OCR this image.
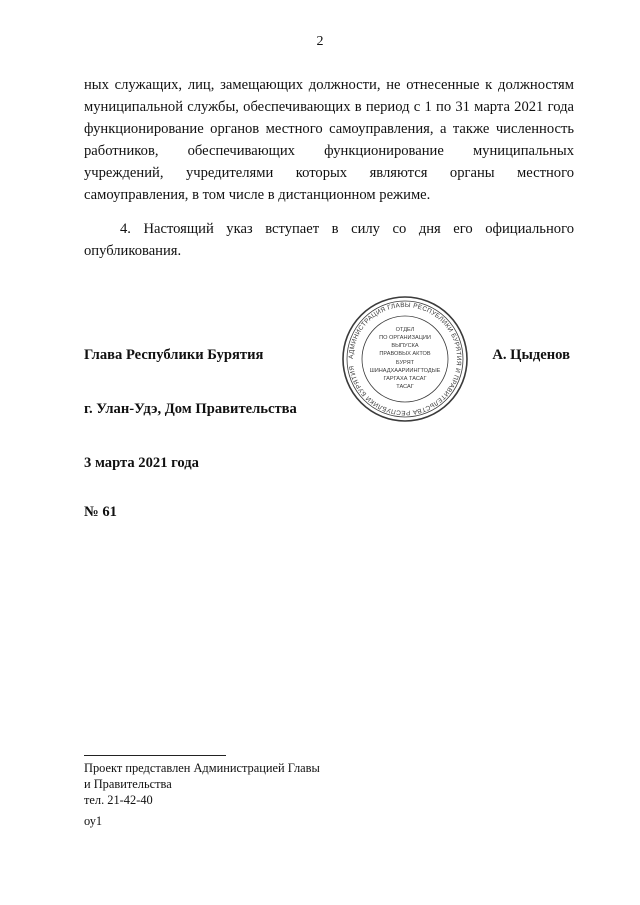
2

ных служащих, лиц, замещающих должности, не отнесенные к должностям муниципальной службы, обеспечивающих в период с 1 по 31 марта 2021 года функционирование органов местного самоуправления, а также численность работников, обеспечивающих функционирование муниципальных учреждений, учредителями которых являются органы местного самоуправления, в том числе в дистанционном режиме.

4. Настоящий указ вступает в силу со дня его официального опубликования.

Глава Республики Бурятия	АДМИНИСТРАЦИЯ ГЛАВЫ РЕСПУБЛИКИ БУРЯТИЯ И ПРАВИТЕЛЬСТВА РЕСПУБЛИКИ БУРЯТИЯ
ОТДЕЛ
ПО ОРГАНИЗАЦИИ
ВЫПУСКА
ПРАВОВЫХ АКТОВ
БУРЯТ
ШИНАДХААРИИНГТОДЫЕ
ГАРГАХА ТАСАГ
ТАСАГ
А. Цыденов
г. Улан-Удэ, Дом Правительства
3 марта 2021 года
№ 61
Проект представлен Администрацией Главы
и Правительства
тел. 21-42-40
оу1
